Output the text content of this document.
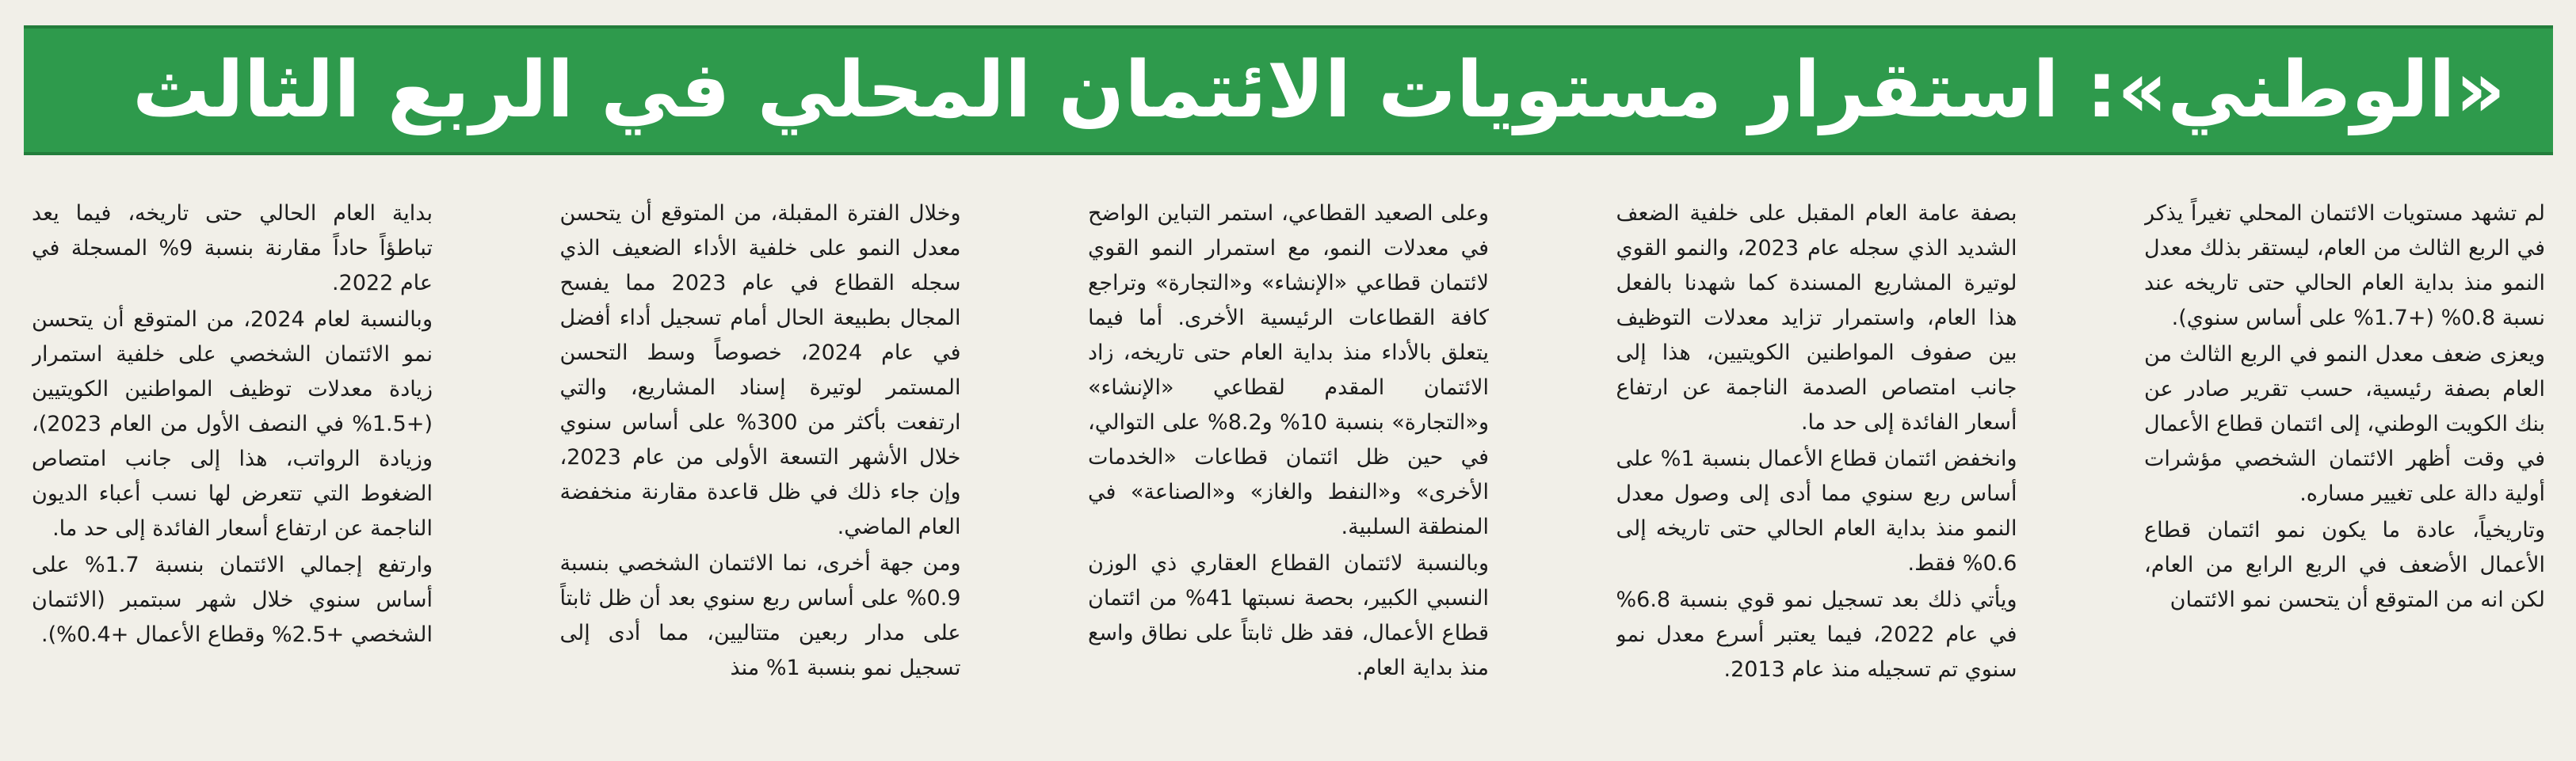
«الوطني»: استقرار مستويات الائتمان المحلي في الربع الثالث

لم تشهد مستويات الائتمان المحلي تغيراً يذكر في الربع الثالث من العام، ليستقر بذلك معدل النمو منذ بداية العام الحالي حتى تاريخه عند نسبة 0.8% (+1.7% على أساس سنوي).

ويعزى ضعف معدل النمو في الربع الثالث من العام بصفة رئيسية، حسب تقرير صادر عن بنك الكويت الوطني، إلى ائتمان قطاع الأعمال في وقت أظهر الائتمان الشخصي مؤشرات أولية دالة على تغيير مساره.

وتاريخياً، عادة ما يكون نمو ائتمان قطاع الأعمال الأضعف في الربع الرابع من العام، لكن انه من المتوقع أن يتحسن نمو الائتمان

بصفة عامة العام المقبل على خلفية الضعف الشديد الذي سجله عام 2023، والنمو القوي لوتيرة المشاريع المسندة كما شهدنا بالفعل هذا العام، واستمرار تزايد معدلات التوظيف بين صفوف المواطنين الكويتيين، هذا إلى جانب امتصاص الصدمة الناجمة عن ارتفاع أسعار الفائدة إلى حد ما.

وانخفض ائتمان قطاع الأعمال بنسبة 1% على أساس ربع سنوي مما أدى إلى وصول معدل النمو منذ بداية العام الحالي حتى تاريخه إلى 0.6% فقط.

ويأتي ذلك بعد تسجيل نمو قوي بنسبة 6.8% في عام 2022، فيما يعتبر أسرع معدل نمو سنوي تم تسجيله منذ عام 2013.

وعلى الصعيد القطاعي، استمر التباين الواضح في معدلات النمو، مع استمرار النمو القوي لائتمان قطاعي «الإنشاء» و«التجارة» وتراجع كافة القطاعات الرئيسية الأخرى. أما فيما يتعلق بالأداء منذ بداية العام حتى تاريخه، زاد الائتمان المقدم لقطاعي «الإنشاء» و«التجارة» بنسبة 10% و8.2% على التوالي، في حين ظل ائتمان قطاعات «الخدمات الأخرى» و«النفط والغاز» و«الصناعة» في المنطقة السلبية.

وبالنسبة لائتمان القطاع العقاري ذي الوزن النسبي الكبير، بحصة نسبتها 41% من ائتمان قطاع الأعمال، فقد ظل ثابتاً على نطاق واسع منذ بداية العام.

وخلال الفترة المقبلة، من المتوقع أن يتحسن معدل النمو على خلفية الأداء الضعيف الذي سجله القطاع في عام 2023 مما يفسح المجال بطبيعة الحال أمام تسجيل أداء أفضل في عام 2024، خصوصاً وسط التحسن المستمر لوتيرة إسناد المشاريع، والتي ارتفعت بأكثر من 300% على أساس سنوي خلال الأشهر التسعة الأولى من عام 2023، وإن جاء ذلك في ظل قاعدة مقارنة منخفضة العام الماضي.

ومن جهة أخرى، نما الائتمان الشخصي بنسبة 0.9% على أساس ربع سنوي بعد أن ظل ثابتاً على مدار ربعين متتاليين، مما أدى إلى تسجيل نمو بنسبة 1% منذ

بداية العام الحالي حتى تاريخه، فيما يعد تباطؤاً حاداً مقارنة بنسبة 9% المسجلة في عام 2022.

وبالنسبة لعام 2024، من المتوقع أن يتحسن نمو الائتمان الشخصي على خلفية استمرار زيادة معدلات توظيف المواطنين الكويتيين (+1.5% في النصف الأول من العام 2023)، وزيادة الرواتب، هذا إلى جانب امتصاص الضغوط التي تتعرض لها نسب أعباء الديون الناجمة عن ارتفاع أسعار الفائدة إلى حد ما.

وارتفع إجمالي الائتمان بنسبة 1.7% على أساس سنوي خلال شهر سبتمبر (الائتمان الشخصي +2.5% وقطاع الأعمال +0.4%).
